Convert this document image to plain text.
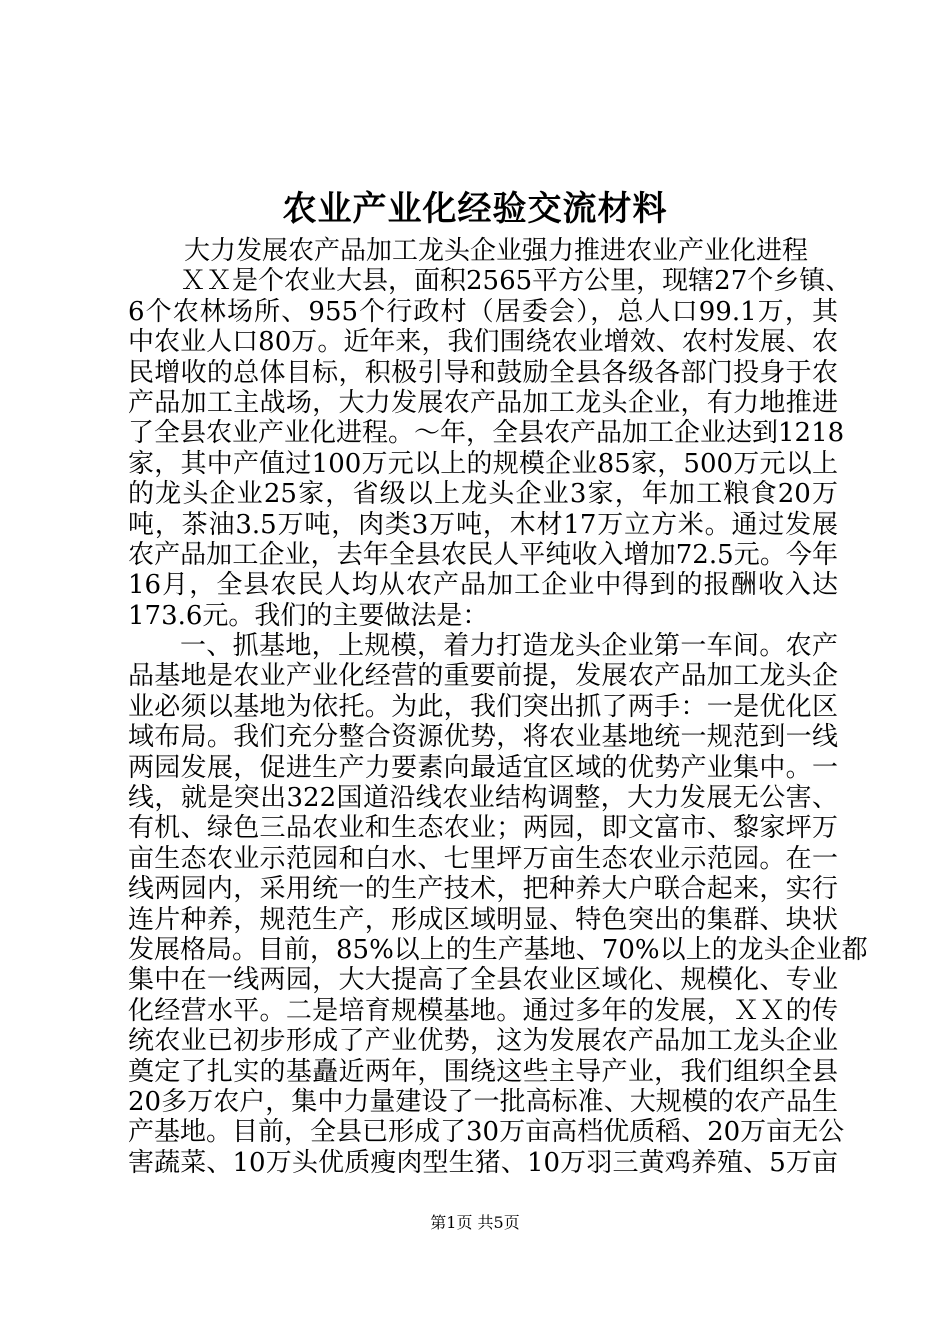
农业产业化经验交流材料
大力发展农产品加工龙头企业强力推进农业产业化进程
ＸＸ是个农业大县，面积2565平方公里，现辖27个乡镇、
6个农林场所、955个行政村（居委会），总人口99.1万，其
中农业人口80万。近年来，我们围绕农业增效、农村发展、农
民增收的总体目标，积极引导和鼓励全县各级各部门投身于农
产品加工主战场，大力发展农产品加工龙头企业，有力地推进
了全县农业产业化进程。～年，全县农产品加工企业达到1218
家，其中产值过100万元以上的规模企业85家，500万元以上
的龙头企业25家，省级以上龙头企业3家，年加工粮食20万
吨，茶油3.5万吨，肉类3万吨，木材17万立方米。通过发展
农产品加工企业，去年全县农民人平纯收入增加72.5元。今年
16月，全县农民人均从农产品加工企业中得到的报酬收入达
173.6元。我们的主要做法是：
一、抓基地，上规模，着力打造龙头企业第一车间。农产
品基地是农业产业化经营的重要前提，发展农产品加工龙头企
业必须以基地为依托。为此，我们突出抓了两手：一是优化区
域布局。我们充分整合资源优势，将农业基地统一规范到一线
两园发展，促进生产力要素向最适宜区域的优势产业集中。一
线，就是突出322国道沿线农业结构调整，大力发展无公害、
有机、绿色三品农业和生态农业；两园，即文富市、黎家坪万
亩生态农业示范园和白水、七里坪万亩生态农业示范园。在一
线两园内，采用统一的生产技术，把种养大户联合起来，实行
连片种养，规范生产，形成区域明显、特色突出的集群、块状
发展格局。目前，85%以上的生产基地、70%以上的龙头企业都
集中在一线两园，大大提高了全县农业区域化、规模化、专业
化经营水平。二是培育规模基地。通过多年的发展，ＸＸ的传
统农业已初步形成了产业优势，这为发展农产品加工龙头企业
奠定了扎实的基矗近两年，围绕这些主导产业，我们组织全县
20多万农户，集中力量建设了一批高标准、大规模的农产品生
产基地。目前，全县已形成了30万亩高档优质稻、20万亩无公
害蔬菜、10万头优质瘦肉型生猪、10万羽三黄鸡养殖、5万亩
第1页 共5页
